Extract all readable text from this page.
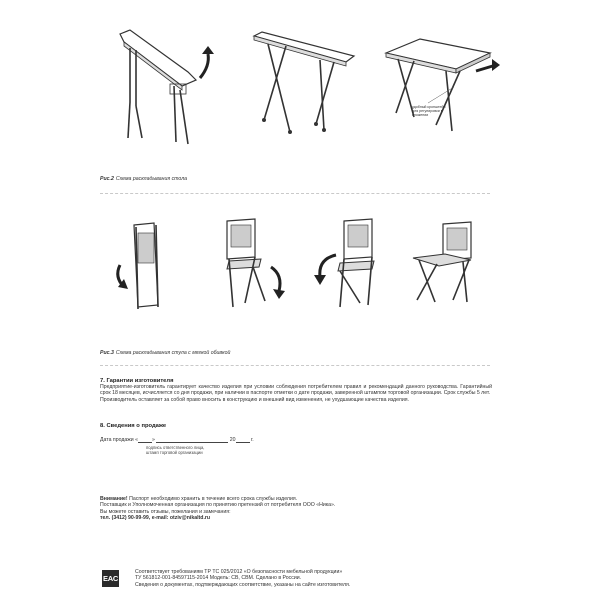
удобный кронштейн для регулировки в сложении
Рис.2 Схема раскладывания стола
Рис.3 Схема раскладывания стула с мягкой обивкой
7. Гарантии изготовителя
Предприятие-изготовитель гарантирует качество изделия при условии соблюдения потребителем правил и рекомендаций данного руководства. Гарантийный срок 18 месяцев, исчисляется со дня продажи, при наличии в паспорте отметки о дате продажи, заверенной штампом торговой организации. Срок службы 5 лет.
Производитель оставляет за собой право вносить в конструкцию и внешний вид изменения, не ухудшающие качества изделия.
8. Сведения о продаже
Дата продажи «	»	20	г.
подпись ответственного лица,
штамп торговой организации
Внимание! Паспорт необходимо хранить в течение всего срока службы изделия.
Поставщик и Уполномоченная организация по принятию претензий от потребителя ООО «Ника».
Вы можете оставить отзывы, пожелания и замечания:
тел. (3412) 90-99-99, e-mail: otziv@nikaltd.ru
EAC
Соответствует требованиям ТР ТС 025/2012 «О безопасности мебельной продукции»
ТУ 561812-001-84597115-2014 Модель: СВ, СВМ. Сделано в России.
Сведения о документах, подтверждающих соответствие, указаны на сайте изготовителя.
